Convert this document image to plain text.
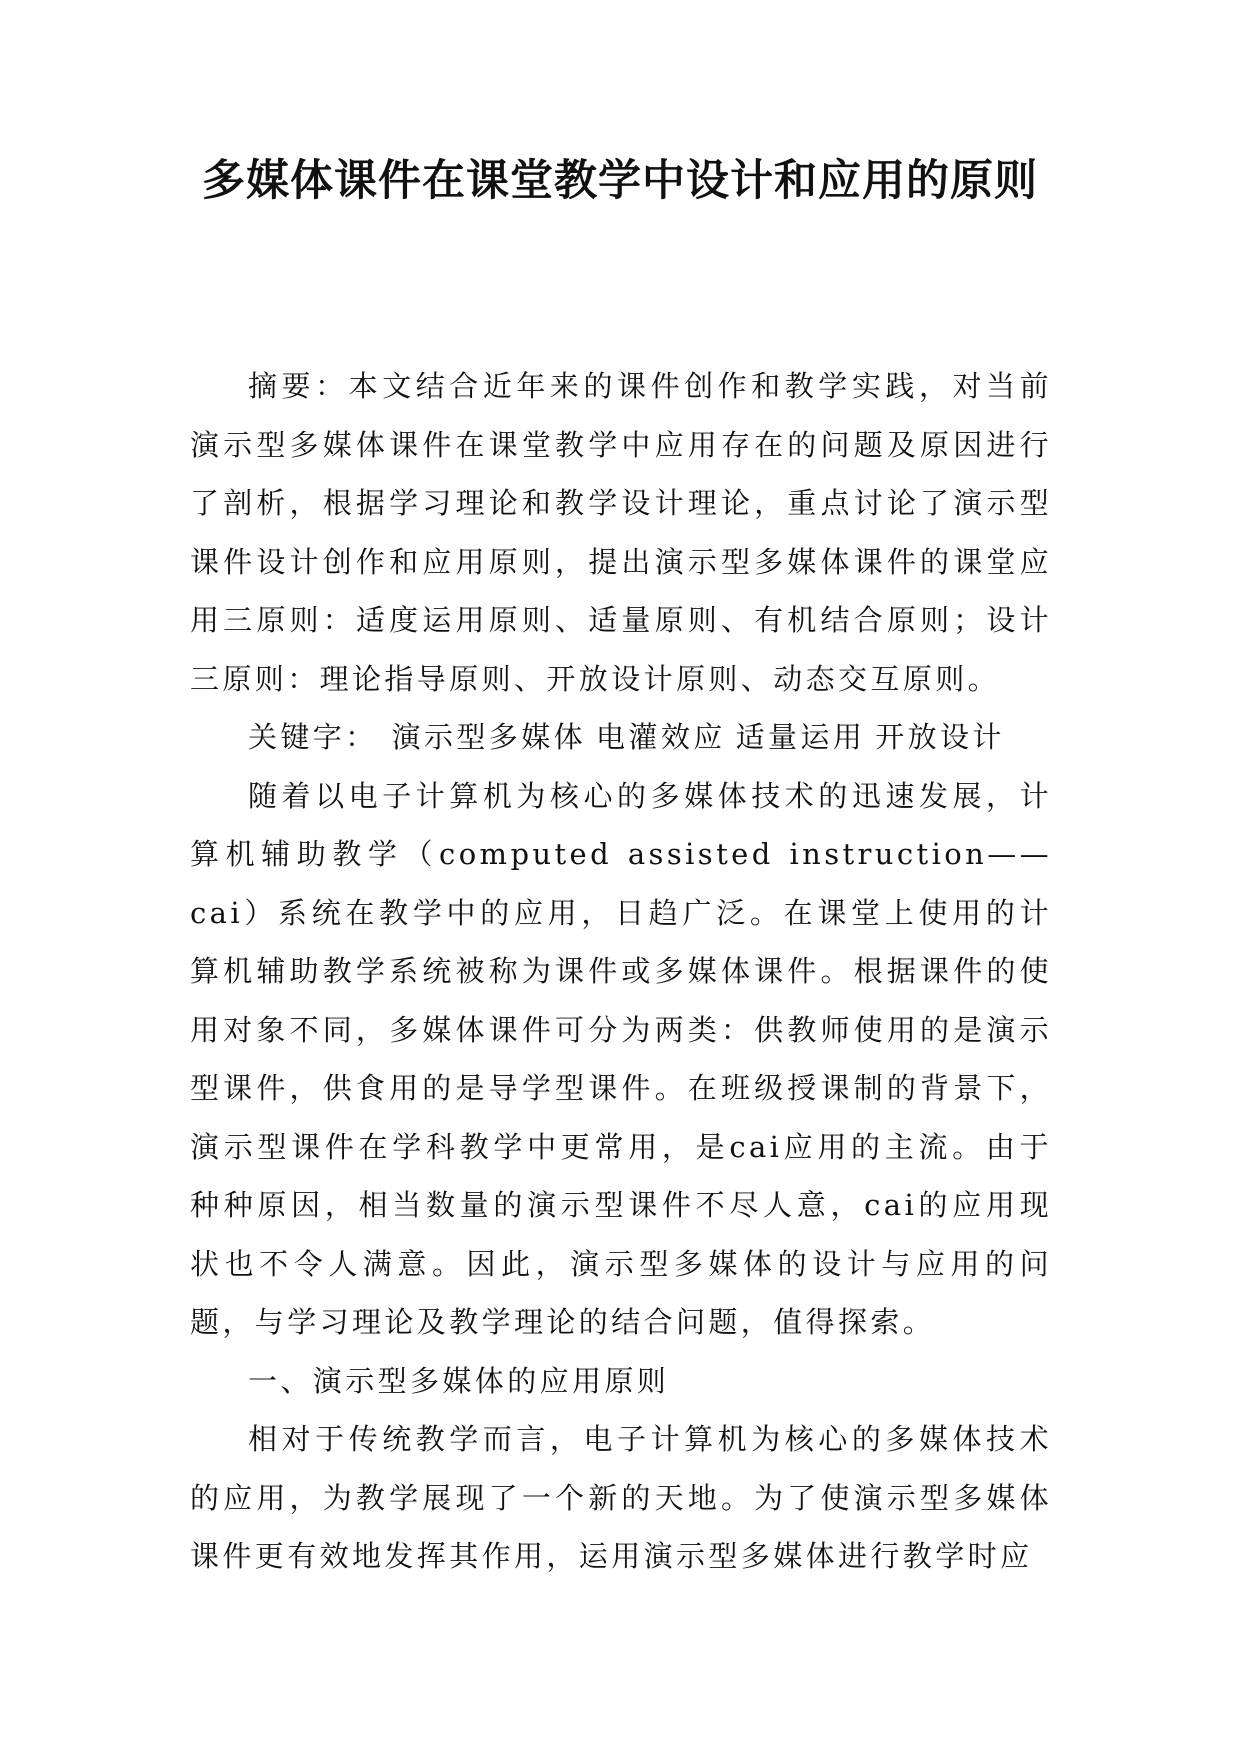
多媒体课件在课堂教学中设计和应用的原则

摘要：本文结合近年来的课件创作和教学实践，对当前演示型多媒体课件在课堂教学中应用存在的问题及原因进行了剖析，根据学习理论和教学设计理论，重点讨论了演示型课件设计创作和应用原则，提出演示型多媒体课件的课堂应用三原则：适度运用原则、适量原则、有机结合原则；设计三原则：理论指导原则、开放设计原则、动态交互原则。

关键字： 演示型多媒体 电灌效应 适量运用 开放设计

随着以电子计算机为核心的多媒体技术的迅速发展，计算机辅助教学（computed assisted instruction——cai）系统在教学中的应用，日趋广泛。在课堂上使用的计算机辅助教学系统被称为课件或多媒体课件。根据课件的使用对象不同，多媒体课件可分为两类：供教师使用的是演示型课件，供食用的是导学型课件。在班级授课制的背景下，演示型课件在学科教学中更常用，是cai应用的主流。由于种种原因，相当数量的演示型课件不尽人意，cai的应用现状也不令人满意。因此，演示型多媒体的设计与应用的问题，与学习理论及教学理论的结合问题，值得探索。

一、演示型多媒体的应用原则

相对于传统教学而言，电子计算机为核心的多媒体技术的应用，为教学展现了一个新的天地。为了使演示型多媒体课件更有效地发挥其作用，运用演示型多媒体进行教学时应
